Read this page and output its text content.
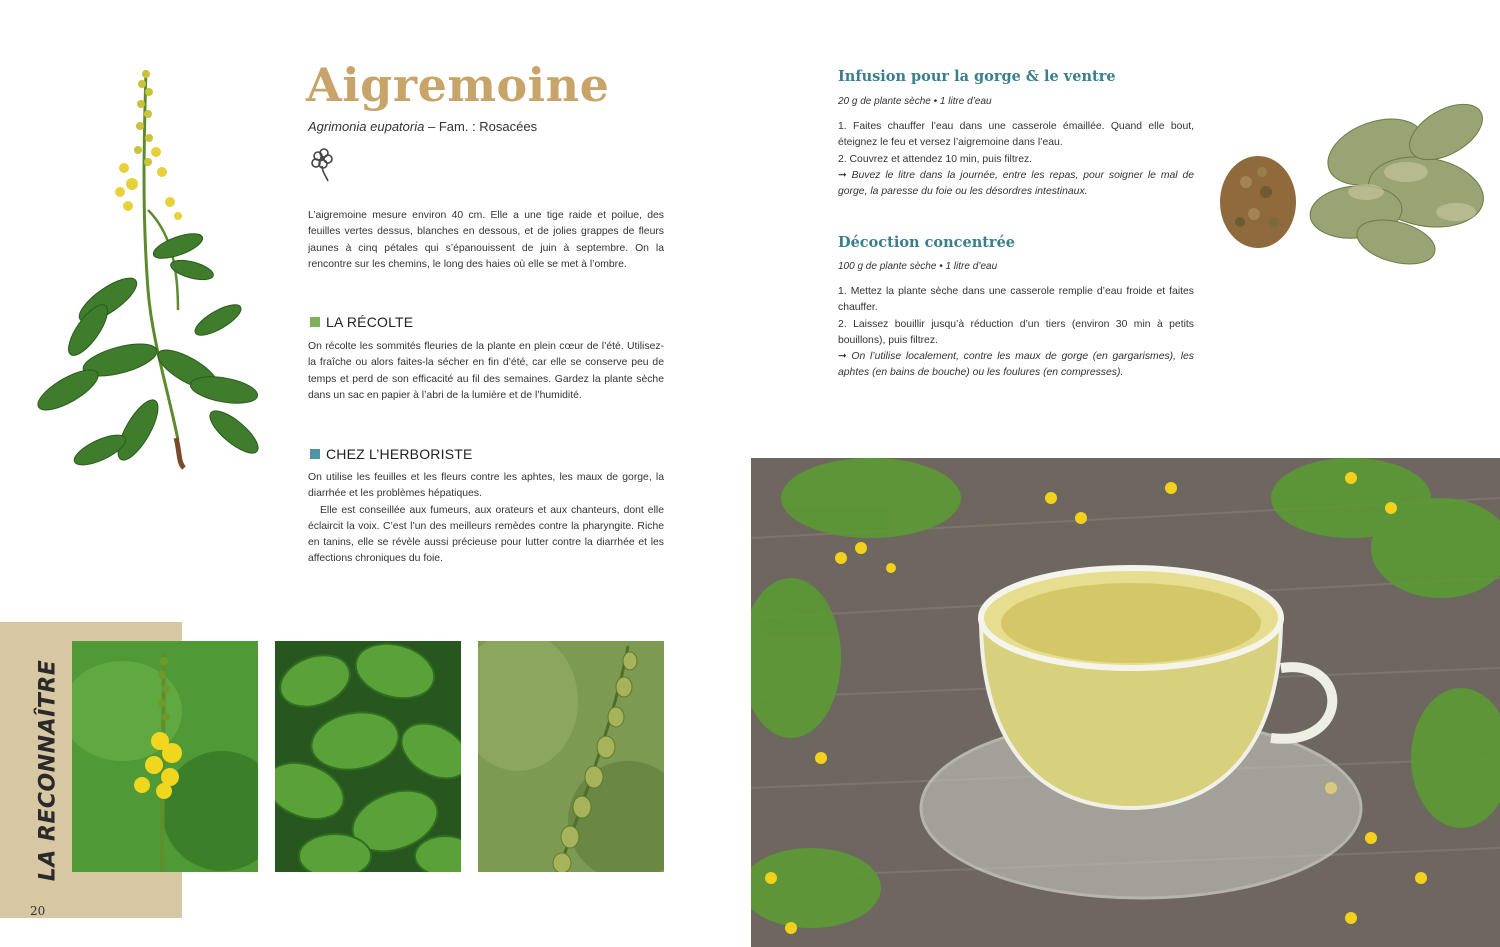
Aigremoine
Agrimonia eupatoria – Fam. : Rosacées

L’aigremoine mesure environ 40 cm. Elle a une tige raide et poilue, des feuilles vertes dessus, blanches en dessous, et de jolies grappes de fleurs jaunes à cinq pétales qui s’épanouissent de juin à septembre. On la rencontre sur les chemins, le long des haies où elle se met à l’ombre.

LA RÉCOLTE

On récolte les sommités fleuries de la plante en plein cœur de l’été. Utilisez-la fraîche ou alors faites-la sécher en fin d’été, car elle se conserve peu de temps et perd de son efficacité au fil des semaines. Gardez la plante sèche dans un sac en papier à l’abri de la lumière et de l’humidité.

CHEZ L’HERBORISTE

On utilise les feuilles et les fleurs contre les aphtes, les maux de gorge, la diarrhée et les problèmes hépatiques.

Elle est conseillée aux fumeurs, aux orateurs et aux chanteurs, dont elle éclaircit la voix. C’est l’un des meilleurs remèdes contre la pharyngite. Riche en tanins, elle se révèle aussi précieuse pour lutter contre la diarrhée et les affections chroniques du foie.

Infusion pour la gorge & le ventre
20 g de plante sèche • 1 litre d’eau

1. Faites chauffer l’eau dans une casserole émaillée. Quand elle bout, éteignez le feu et versez l’aigremoine dans l’eau.

2. Couvrez et attendez 10 min, puis filtrez.

➞ Buvez le litre dans la journée, entre les repas, pour soigner le mal de gorge, la paresse du foie ou les désordres intestinaux.

Décoction concentrée
100 g de plante sèche • 1 litre d’eau

1. Mettez la plante sèche dans une casserole remplie d’eau froide et faites chauffer.

2. Laissez bouillir jusqu’à réduction d’un tiers (environ 30 min à petits bouillons), puis filtrez.

➞ On l’utilise localement, contre les maux de gorge (en gargarismes), les aphtes (en bains de bouche) ou les foulures (en compresses).

LA RECONNAÎTRE
20
